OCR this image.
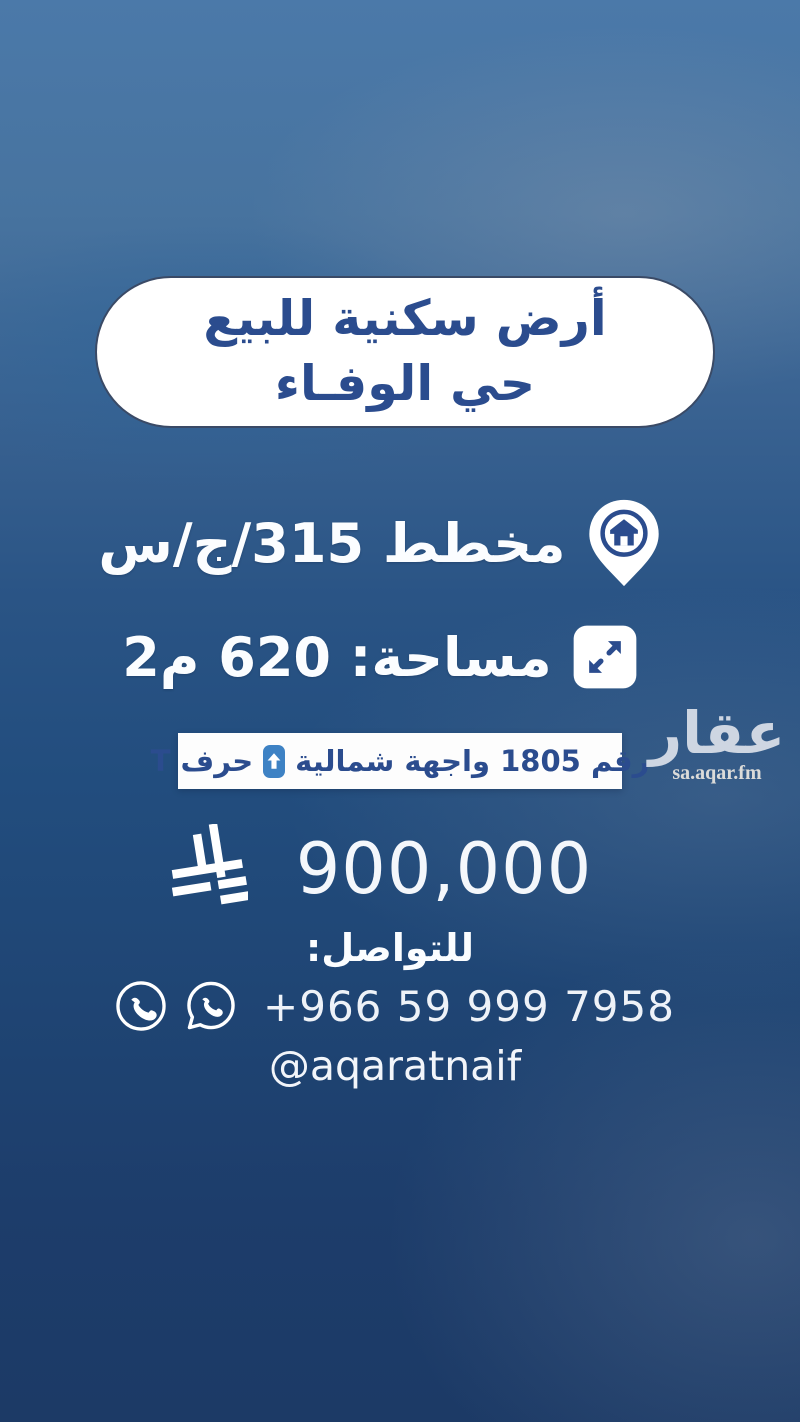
أرض سكنية للبيع
حي الوفـاء
مخطط 315/ج/س
مساحة: 620 م2
رقم 1805 واجهة شمالية
حرف T	عقار
sa.aqar.fm
900,000
للتواصل:
+966 59 999 7958
@aqaratnaif
